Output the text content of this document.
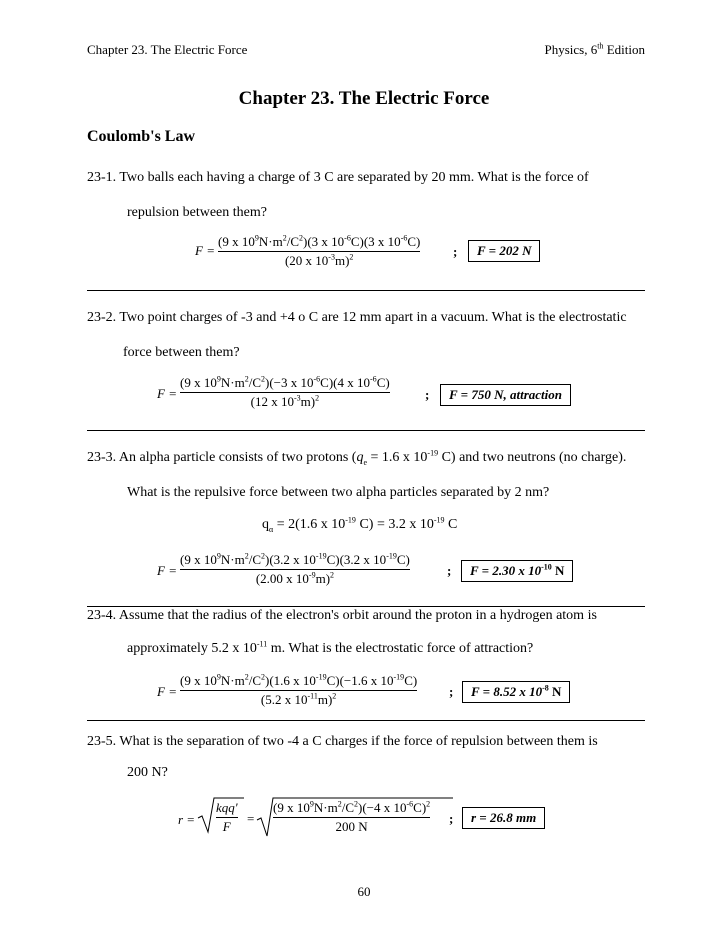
Chapter 23. The Electric Force	Physics, 6th Edition
Chapter 23. The Electric Force
Coulomb's Law
23-1. Two balls each having a charge of 3 C are separated by 20 mm. What is the force of
repulsion between them?
F =
(9 x $10^9N\cdot m^2/C^2)(3$ x $10^{-6}C)(3$ x $10^{-6}C$)
(20 x $10^{-3}m)^2$	;	F = 202 N
23-2. Two point charges of -3 and +4 o C are 12 mm apart in a vacuum. What is the electrostatic
force between them?
F =
(9 x $10^9N\cdot m^2/C^2)(-3$ x $10^{-6}C)(4$ x $10^{-6}C$)
(12 x $10^{-3}m)^2$	;	F = 750 N, attraction
23-3. An alpha particle consists of two protons ($q_e = 1.6$ x $10^{-19}$ C) and two neutrons (no charge).
What is the repulsive force between two alpha particles separated by 2 nm?
$q_\alpha = 2(1.6$ x $10^{-19}$ C) = 3.2 x $10^{-19}$ C
F =
(9 x $10^9N\cdot m^2/C^2)(3.2$ x $10^{-19}C)(3.2$ x $10^{-19}C$)
(2.00 x $10^{-9}m)^2$	;	F = 2.30 x $10^{-10}$ N
23-4. Assume that the radius of the electron's orbit around the proton in a hydrogen atom is
approximately 5.2 x $10^{-11}$ m. What is the electrostatic force of attraction?
F =
(9 x $10^9N\cdot m^2/C^2)(1.6$ x $10^{-19}C)(-1.6$ x $10^{-19}C$)
(5.2 x $10^{-11}m)^2$	;	F = 8.52 x $10^{-8}$ N
23-5. What is the separation of two -4 a C charges if the force of repulsion between them is
200 N?
r =
kqq'
F
=
(9 x $10^9N\cdot m^2/C^2)(-4$ x $10^{-6}C)^2$
200 N
;	r = 26.8 mm
60
